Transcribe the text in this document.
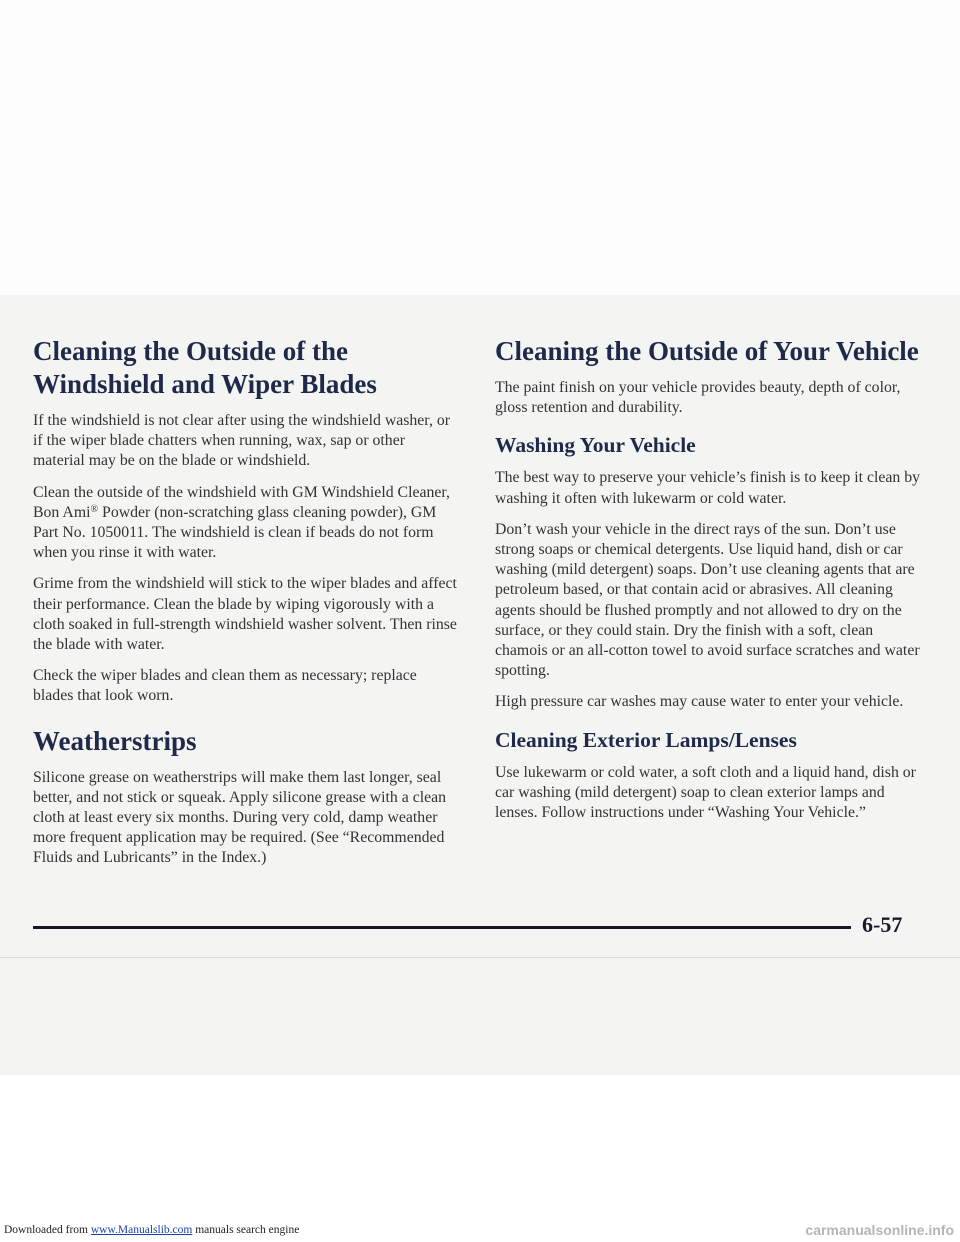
Cleaning the Outside of the Windshield and Wiper Blades

If the windshield is not clear after using the windshield washer, or if the wiper blade chatters when running, wax, sap or other material may be on the blade or windshield.

Clean the outside of the windshield with GM Windshield Cleaner, Bon Ami® Powder (non-scratching glass cleaning powder), GM Part No. 1050011. The windshield is clean if beads do not form when you rinse it with water.

Grime from the windshield will stick to the wiper blades and affect their performance. Clean the blade by wiping vigorously with a cloth soaked in full-strength windshield washer solvent. Then rinse the blade with water.

Check the wiper blades and clean them as necessary; replace blades that look worn.

Weatherstrips

Silicone grease on weatherstrips will make them last longer, seal better, and not stick or squeak. Apply silicone grease with a clean cloth at least every six months. During very cold, damp weather more frequent application may be required. (See “Recommended Fluids and Lubricants” in the Index.)

Cleaning the Outside of Your Vehicle

The paint finish on your vehicle provides beauty, depth of color, gloss retention and durability.

Washing Your Vehicle

The best way to preserve your vehicle’s finish is to keep it clean by washing it often with lukewarm or cold water.

Don’t wash your vehicle in the direct rays of the sun. Don’t use strong soaps or chemical detergents. Use liquid hand, dish or car washing (mild detergent) soaps. Don’t use cleaning agents that are petroleum based, or that contain acid or abrasives. All cleaning agents should be flushed promptly and not allowed to dry on the surface, or they could stain. Dry the finish with a soft, clean chamois or an all-cotton towel to avoid surface scratches and water spotting.

High pressure car washes may cause water to enter your vehicle.

Cleaning Exterior Lamps/Lenses

Use lukewarm or cold water, a soft cloth and a liquid hand, dish or car washing (mild detergent) soap to clean exterior lamps and lenses. Follow instructions under “Washing Your Vehicle.”

6-57
Downloaded from www.Manualslib.com manuals search engine	carmanualsonline.info
